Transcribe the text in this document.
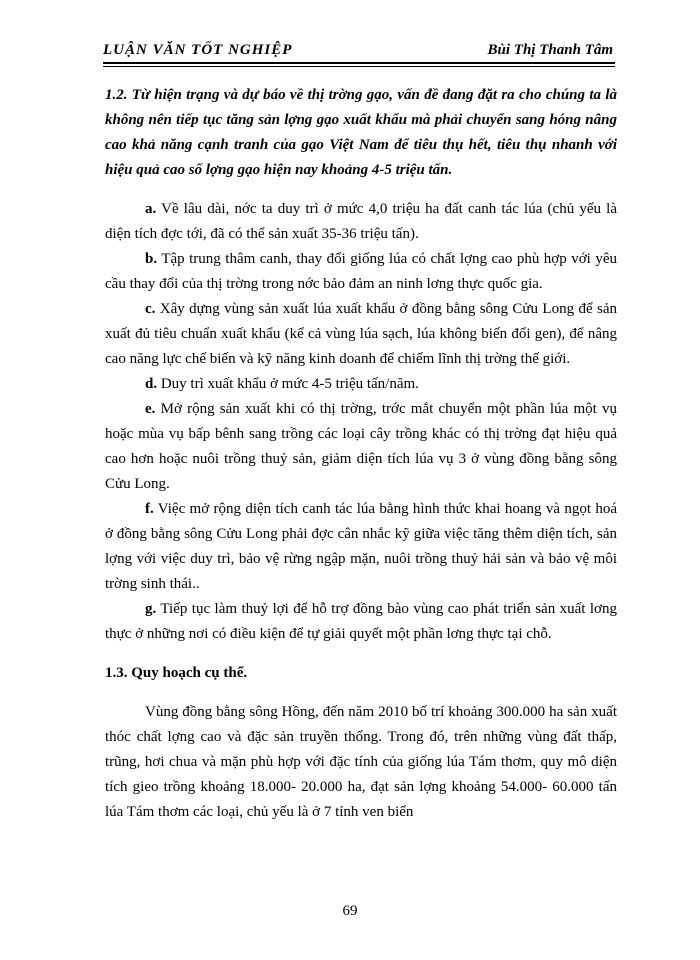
LUẬN VĂN TỐT NGHIỆP	Bùi Thị Thanh Tâm

1.2. Từ hiện trạng và dự báo về thị trờng gạo, vấn đề đang đặt ra cho chúng ta là không nên tiếp tục tăng sản lợng gạo xuất khẩu mà phải chuyển sang hóng nâng cao khả năng cạnh tranh của gạo Việt Nam để tiêu thụ hết, tiêu thụ nhanh với hiệu quả cao số lợng gạo hiện nay khoảng 4-5 triệu tấn.

a. Về lâu dài, nớc ta duy trì ở mức 4,0 triệu ha đất canh tác lúa (chủ yếu là diện tích đợc tới, đã có thể sản xuất 35-36 triệu tấn).

b. Tập trung thâm canh, thay đổi giống lúa có chất lợng cao phù hợp với yêu cầu thay đổi của thị trờng trong nớc bảo đảm an ninh lơng thực quốc gia.

c. Xây dựng vùng sản xuất lúa xuất khẩu ở đồng bằng sông Cửu Long để sản xuất đủ tiêu chuẩn xuất khẩu (kể cả vùng lúa sạch, lúa không biến đổi gen), để nâng cao năng lực chế biến và kỹ năng kinh doanh để chiếm lĩnh thị trờng thế giới.

d. Duy trì xuất khẩu ở mức 4-5 triệu tấn/năm.

e. Mở rộng sản xuất khi có thị trờng, trớc mắt chuyển một phần lúa một vụ hoặc mùa vụ bấp bênh sang trồng các loại cây trồng khác có thị trờng đạt hiệu quả cao hơn hoặc nuôi trồng thuỷ sản, giảm diện tích lúa vụ 3 ở vùng đồng bằng sông Cửu Long.

f. Việc mở rộng diện tích canh tác lúa bằng hình thức khai hoang và ngọt hoá ở đồng bằng sông Cửu Long phải đợc cân nhắc kỹ giữa việc tăng thêm diện tích, sản lợng với việc duy trì, bảo vệ rừng ngập mặn, nuôi trồng thuỷ hải sản và bảo vệ môi trờng sinh thái..

g. Tiếp tục làm thuỷ lợi để hỗ trợ đồng bào vùng cao phát triển sản xuất lơng thực ở những nơi có điều kiện để tự giải quyết một phần lơng thực tại chỗ.

1.3. Quy hoạch cụ thể.

Vùng đồng bằng sông Hồng, đến năm 2010 bố trí khoảng 300.000 ha sản xuất thóc chất lợng cao và đặc sản truyền thống. Trong đó, trên những vùng đất thấp, trũng, hơi chua và mặn phù hợp với đặc tính của giống lúa Tám thơm, quy mô diện tích gieo trồng khoảng 18.000- 20.000 ha, đạt sản lợng khoảng 54.000- 60.000 tấn lúa Tám thơm các loại, chủ yếu là ở 7 tỉnh ven biển

69
